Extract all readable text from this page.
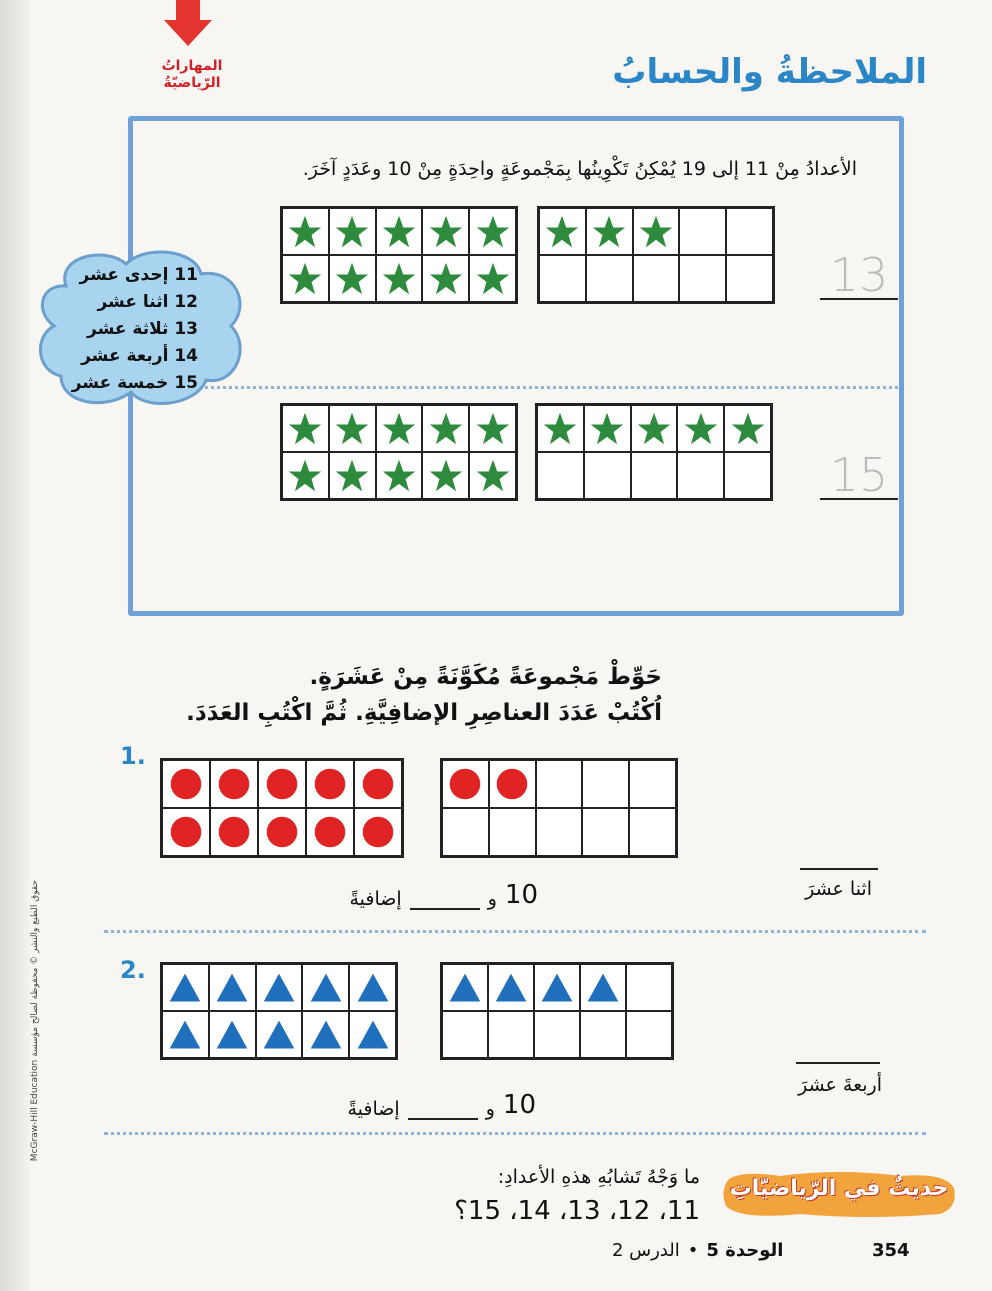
حقوق الطبع والنشر © محفوظة لصالح مؤسسة McGraw-Hill Education
المهاراتُ
الرّياضيّةُ	الملاحظةُ والحسابُ
الأعدادُ مِنْ 11 إلى 19 يُمْكِنُ تَكْوِينُها بِمَجْموعَةٍ واحِدَةٍ مِنْ 10 وعَدَدٍ آخَرَ.
13
15
11 إحدى عشر
12 اثنا عشر
13 ثلاثة عشر
14 أربعة عشر
15 خمسة عشر
حَوِّطْ مَجْموعَةً مُكَوَّنَةً مِنْ عَشَرَةٍ.
اُكْتُبْ عَدَدَ العناصِرِ الإضافِيَّةِ. ثُمَّ اكْتُبِ العَدَدَ.
1.
اثنا عشرَ
10
و
إضافيةً
2.
أربعةَ عشرَ
10
و
إضافيةً
حديثٌ في الرّياضيّاتِ
ما وَجْهُ تَشابُهِ هذهِ الأعدادِ:
11، 12، 13، 14، 15؟
354
الوحدة 5
•
الدرس 2
